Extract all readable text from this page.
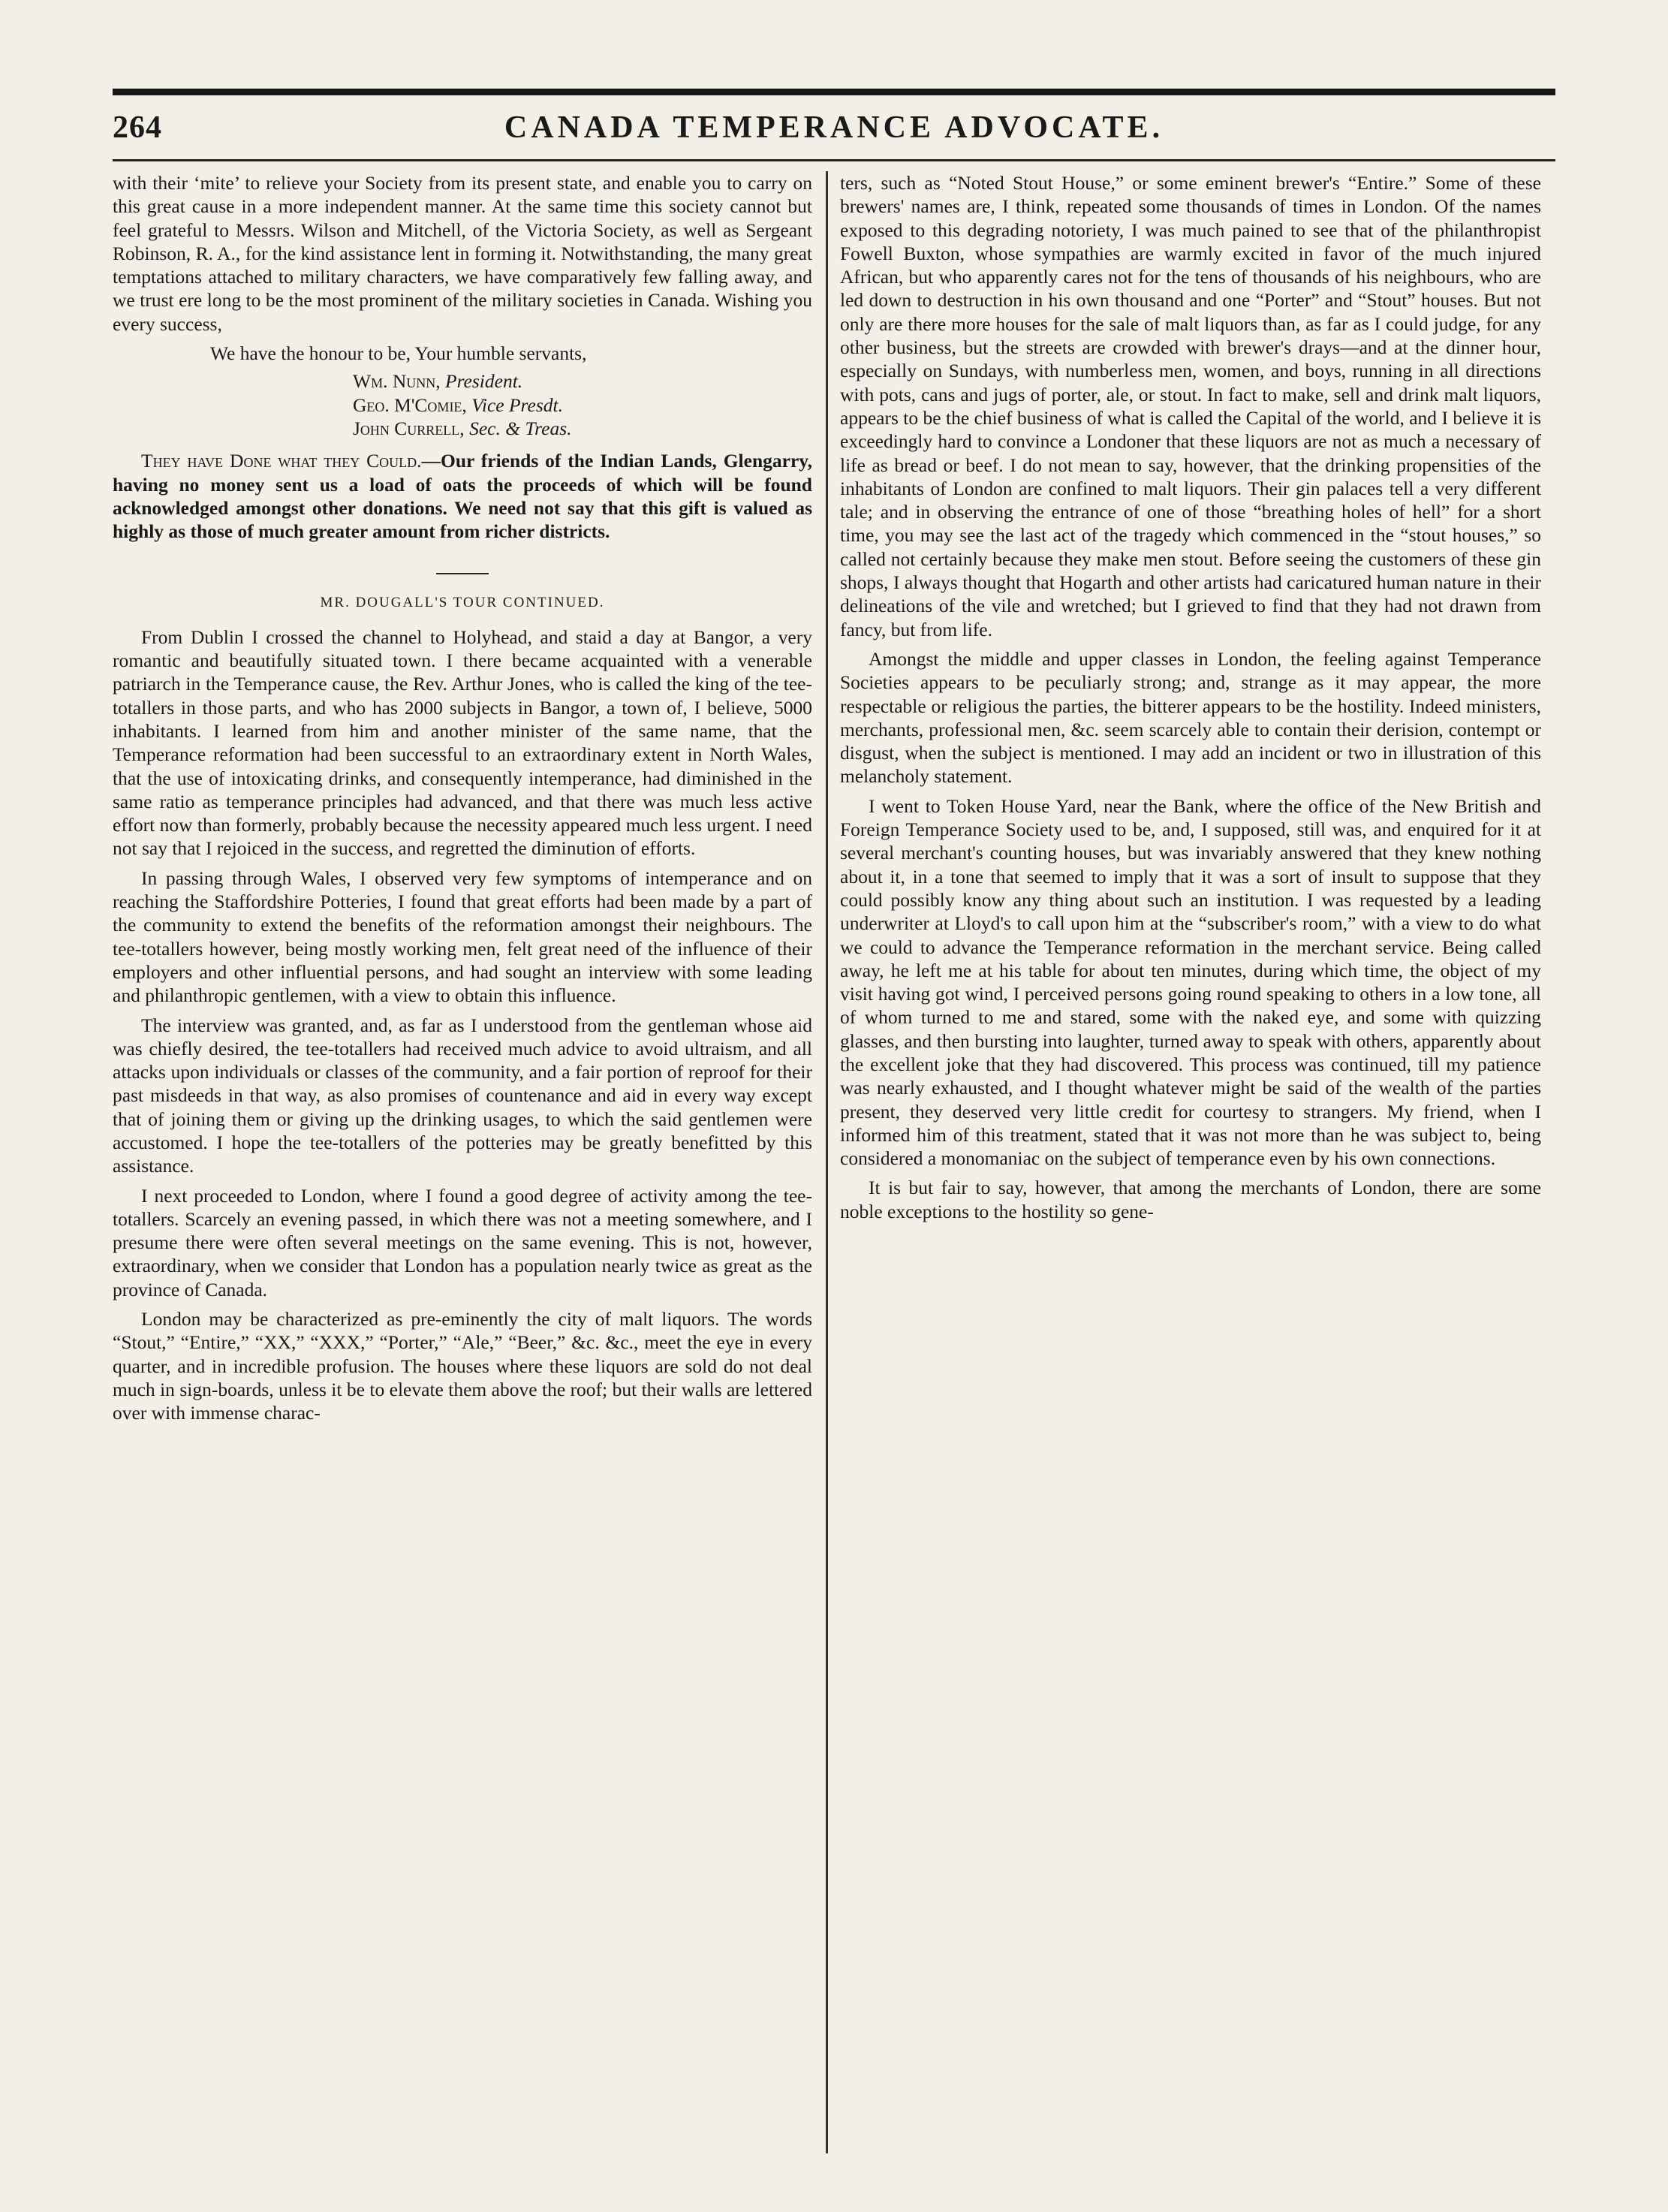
264	CANADA TEMPERANCE ADVOCATE.

with their ‘mite’ to relieve your Society from its present state, and enable you to carry on this great cause in a more independent manner. At the same time this society cannot but feel grateful to Messrs. Wilson and Mitchell, of the Victoria Society, as well as Sergeant Robinson, R. A., for the kind assistance lent in forming it. Notwithstanding, the many great temptations attached to military characters, we have comparatively few falling away, and we trust ere long to be the most prominent of the military societies in Canada. Wishing you every success,

We have the honour to be, Your humble servants,
Wm. Nunn, President.
Geo. M'Comie, Vice Presdt.
John Currell, Sec. & Treas.

They have Done what they Could.—Our friends of the Indian Lands, Glengarry, having no money sent us a load of oats the proceeds of which will be found acknowledged amongst other donations. We need not say that this gift is valued as highly as those of much greater amount from richer districts.

MR. DOUGALL'S TOUR CONTINUED.

From Dublin I crossed the channel to Holyhead, and staid a day at Bangor, a very romantic and beautifully situated town. I there became acquainted with a venerable patriarch in the Temperance cause, the Rev. Arthur Jones, who is called the king of the tee-totallers in those parts, and who has 2000 subjects in Bangor, a town of, I believe, 5000 inhabitants. I learned from him and another minister of the same name, that the Temperance reformation had been successful to an extraordinary extent in North Wales, that the use of intoxicating drinks, and consequently intemperance, had diminished in the same ratio as temperance principles had advanced, and that there was much less active effort now than formerly, probably because the necessity appeared much less urgent. I need not say that I rejoiced in the success, and regretted the diminution of efforts.

In passing through Wales, I observed very few symptoms of intemperance and on reaching the Staffordshire Potteries, I found that great efforts had been made by a part of the community to extend the benefits of the reformation amongst their neighbours. The tee-totallers however, being mostly working men, felt great need of the influence of their employers and other influential persons, and had sought an interview with some leading and philanthropic gentlemen, with a view to obtain this influence.

The interview was granted, and, as far as I understood from the gentleman whose aid was chiefly desired, the tee-totallers had received much advice to avoid ultraism, and all attacks upon individuals or classes of the community, and a fair portion of reproof for their past misdeeds in that way, as also promises of countenance and aid in every way except that of joining them or giving up the drinking usages, to which the said gentlemen were accustomed. I hope the tee-totallers of the potteries may be greatly benefitted by this assistance.

I next proceeded to London, where I found a good degree of activity among the tee-totallers. Scarcely an evening passed, in which there was not a meeting somewhere, and I presume there were often several meetings on the same evening. This is not, however, extraordinary, when we consider that London has a population nearly twice as great as the province of Canada.

London may be characterized as pre-eminently the city of malt liquors. The words “Stout,” “Entire,” “XX,” “XXX,” “Porter,” “Ale,” “Beer,” &c. &c., meet the eye in every quarter, and in incredible profusion. The houses where these liquors are sold do not deal much in sign-boards, unless it be to elevate them above the roof; but their walls are lettered over with immense charac-

ters, such as “Noted Stout House,” or some eminent brewer's “Entire.” Some of these brewers' names are, I think, repeated some thousands of times in London. Of the names exposed to this degrading notoriety, I was much pained to see that of the philanthropist Fowell Buxton, whose sympathies are warmly excited in favor of the much injured African, but who apparently cares not for the tens of thousands of his neighbours, who are led down to destruction in his own thousand and one “Porter” and “Stout” houses. But not only are there more houses for the sale of malt liquors than, as far as I could judge, for any other business, but the streets are crowded with brewer's drays—and at the dinner hour, especially on Sundays, with numberless men, women, and boys, running in all directions with pots, cans and jugs of porter, ale, or stout. In fact to make, sell and drink malt liquors, appears to be the chief business of what is called the Capital of the world, and I believe it is exceedingly hard to convince a Londoner that these liquors are not as much a necessary of life as bread or beef. I do not mean to say, however, that the drinking propensities of the inhabitants of London are confined to malt liquors. Their gin palaces tell a very different tale; and in observing the entrance of one of those “breathing holes of hell” for a short time, you may see the last act of the tragedy which commenced in the “stout houses,” so called not certainly because they make men stout. Before seeing the customers of these gin shops, I always thought that Hogarth and other artists had caricatured human nature in their delineations of the vile and wretched; but I grieved to find that they had not drawn from fancy, but from life.

Amongst the middle and upper classes in London, the feeling against Temperance Societies appears to be peculiarly strong; and, strange as it may appear, the more respectable or religious the parties, the bitterer appears to be the hostility. Indeed ministers, merchants, professional men, &c. seem scarcely able to contain their derision, contempt or disgust, when the subject is mentioned. I may add an incident or two in illustration of this melancholy statement.

I went to Token House Yard, near the Bank, where the office of the New British and Foreign Temperance Society used to be, and, I supposed, still was, and enquired for it at several merchant's counting houses, but was invariably answered that they knew nothing about it, in a tone that seemed to imply that it was a sort of insult to suppose that they could possibly know any thing about such an institution. I was requested by a leading underwriter at Lloyd's to call upon him at the “subscriber's room,” with a view to do what we could to advance the Temperance reformation in the merchant service. Being called away, he left me at his table for about ten minutes, during which time, the object of my visit having got wind, I perceived persons going round speaking to others in a low tone, all of whom turned to me and stared, some with the naked eye, and some with quizzing glasses, and then bursting into laughter, turned away to speak with others, apparently about the excellent joke that they had discovered. This process was continued, till my patience was nearly exhausted, and I thought whatever might be said of the wealth of the parties present, they deserved very little credit for courtesy to strangers. My friend, when I informed him of this treatment, stated that it was not more than he was subject to, being considered a monomaniac on the subject of temperance even by his own connections.

It is but fair to say, however, that among the merchants of London, there are some noble exceptions to the hostility so gene-
